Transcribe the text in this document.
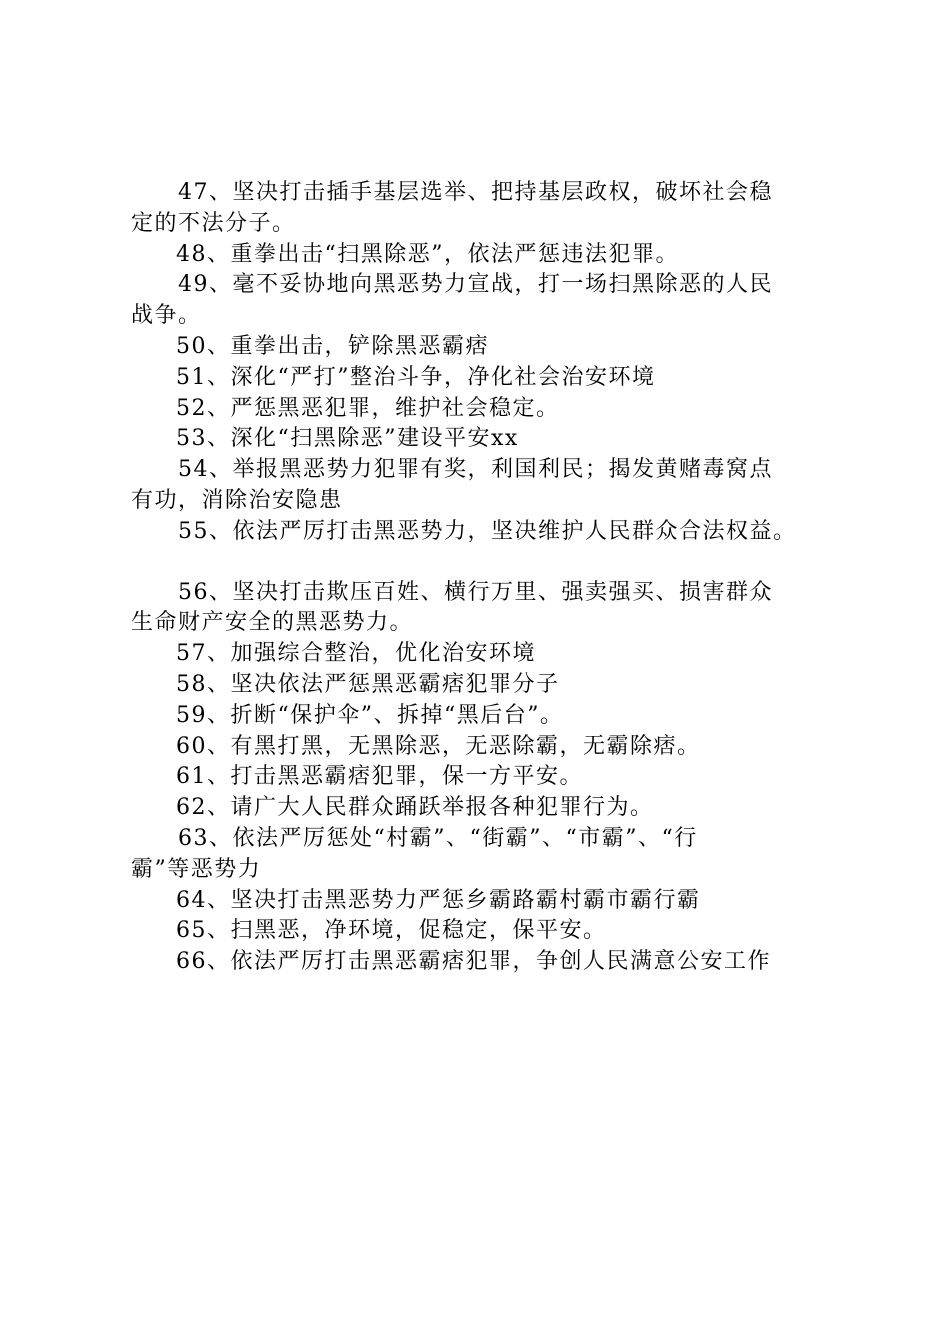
47、坚决打击插手基层选举、把持基层政权，破坏社会稳
定的不法分子。

48、重拳出击“扫黑除恶”，依法严惩违法犯罪。

49、毫不妥协地向黑恶势力宣战，打一场扫黑除恶的人民
战争。

50、重拳出击，铲除黑恶霸痞

51、深化“严打”整治斗争，净化社会治安环境

52、严惩黑恶犯罪，维护社会稳定。

53、深化“扫黑除恶”建设平安xx

54、举报黑恶势力犯罪有奖，利国利民；揭发黄赌毒窝点
有功，消除治安隐患

55、依法严厉打击黑恶势力，坚决维护人民群众合法权益。

56、坚决打击欺压百姓、横行万里、强卖强买、损害群众
生命财产安全的黑恶势力。

57、加强综合整治，优化治安环境

58、坚决依法严惩黑恶霸痞犯罪分子

59、折断“保护伞”、拆掉“黑后台”。

60、有黑打黑，无黑除恶，无恶除霸，无霸除痞。

61、打击黑恶霸痞犯罪，保一方平安。

62、请广大人民群众踊跃举报各种犯罪行为。

63、依法严厉惩处“村霸”、“街霸”、“市霸”、“行
霸”等恶势力

64、坚决打击黑恶势力严惩乡霸路霸村霸市霸行霸

65、扫黑恶，净环境，促稳定，保平安。

66、依法严厉打击黑恶霸痞犯罪，争创人民满意公安工作
